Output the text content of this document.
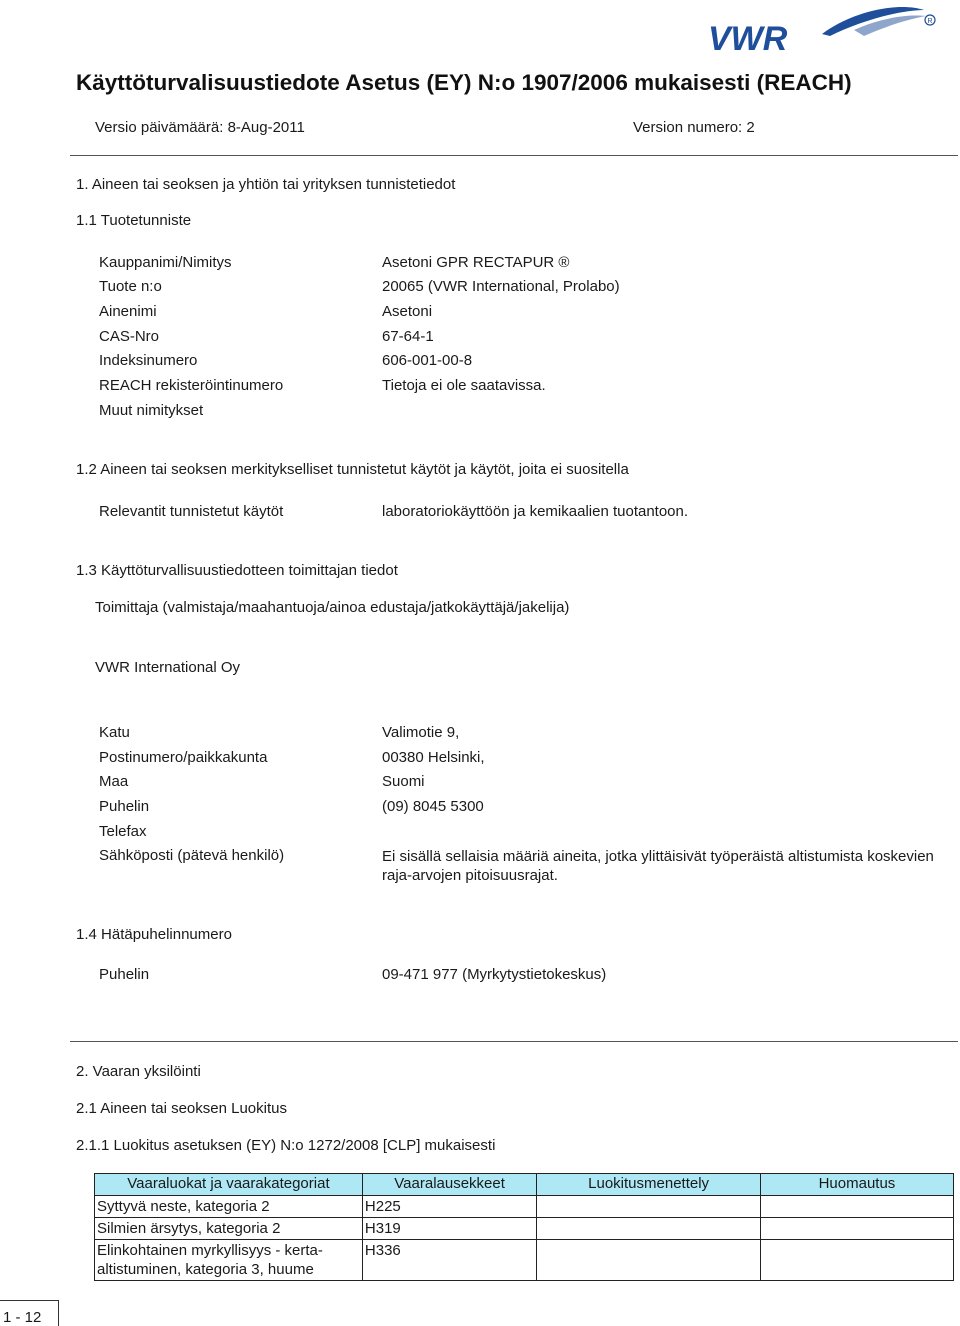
VWR	R
Käyttöturvalisuustiedote Asetus (EY) N:o 1907/2006 mukaisesti (REACH)
Versio päivämäärä: 8-Aug-2011	Version numero: 2
1. Aineen tai seoksen ja yhtiön tai yrityksen tunnistetiedot
1.1 Tuotetunniste
Kauppanimi/Nimitys	Asetoni GPR RECTAPUR ®
Tuote n:o	20065 (VWR International, Prolabo)
Ainenimi	Asetoni
CAS-Nro	67-64-1
Indeksinumero	606-001-00-8
REACH rekisteröintinumero	Tietoja ei ole saatavissa.
Muut nimitykset
1.2 Aineen tai seoksen merkitykselliset tunnistetut käytöt ja käytöt, joita ei suositella
Relevantit tunnistetut käytöt	laboratoriokäyttöön ja kemikaalien tuotantoon.
1.3 Käyttöturvallisuustiedotteen toimittajan tiedot
Toimittaja (valmistaja/maahantuoja/ainoa edustaja/jatkokäyttäjä/jakelija)
VWR International Oy
Katu	Valimotie 9,
Postinumero/paikkakunta	00380 Helsinki,
Maa	Suomi
Puhelin	(09) 8045 5300
Telefax
Sähköposti (pätevä henkilö)	Ei sisällä sellaisia määriä aineita, jotka ylittäisivät työperäistä altistumista koskevien raja-arvojen pitoisuusrajat.
1.4 Hätäpuhelinnumero
Puhelin	09-471 977 (Myrkytystietokeskus)
2. Vaaran yksilöinti
2.1 Aineen tai seoksen Luokitus
2.1.1 Luokitus asetuksen (EY) N:o 1272/2008 [CLP] mukaisesti
Vaaraluokat ja vaarakategoriat	Vaaralausekkeet	Luokitusmenettely	Huomautus
Syttyvä neste, kategoria 2	H225		
Silmien ärsytys, kategoria 2	H319		
Elinkohtainen myrkyllisyys - kerta-altistuminen, kategoria 3, huume	H336		
1 - 12
